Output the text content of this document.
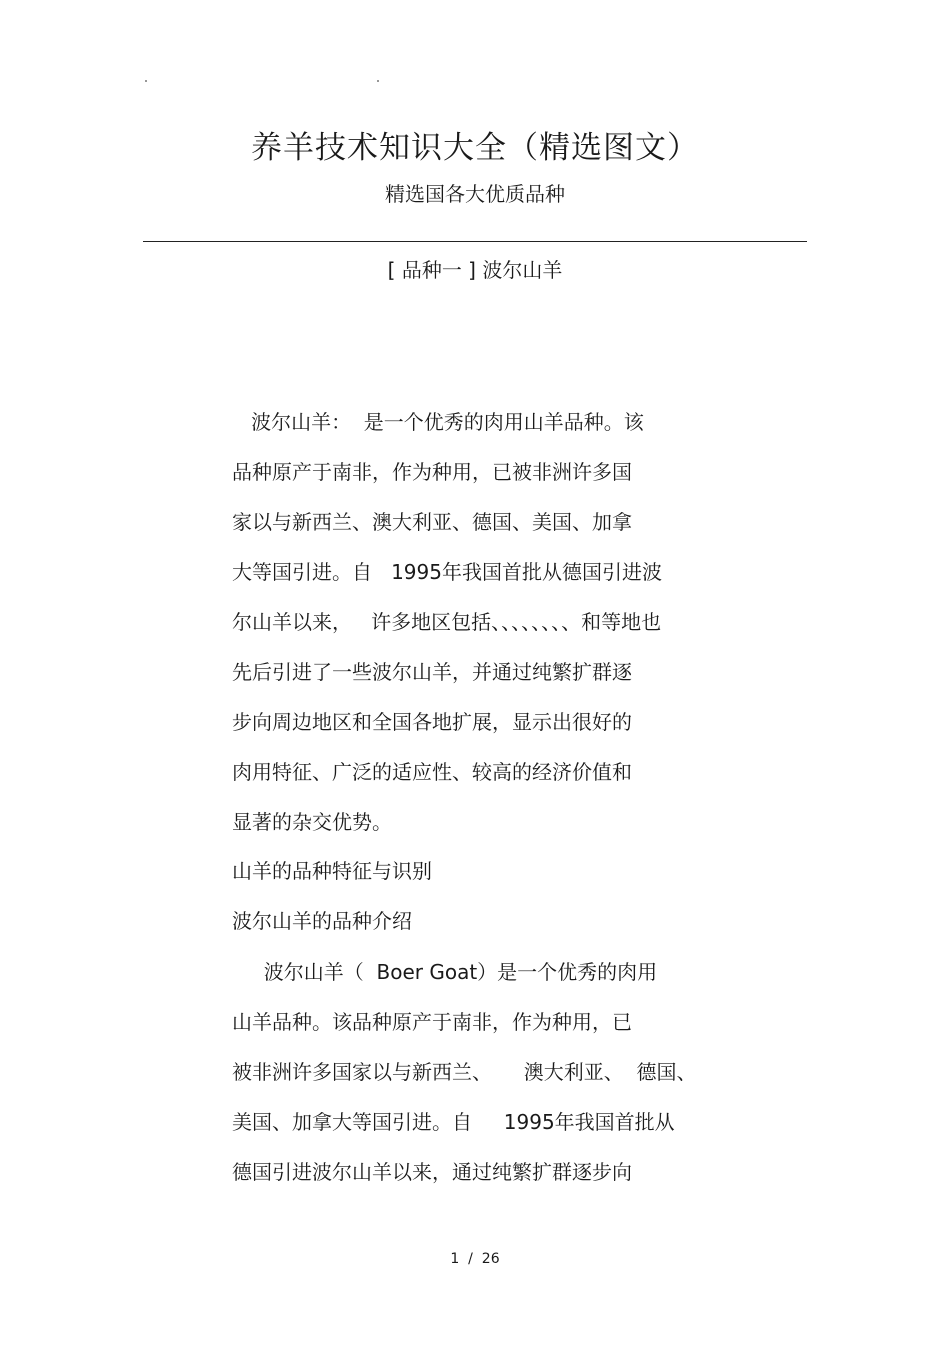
养羊技术知识大全（精选图文）
精选国各大优质品种
[ 品种一 ] 波尔山羊
波尔山羊：  是一个优秀的肉用山羊品种。该
品种原产于南非，作为种用，已被非洲许多国
家以与新西兰、澳大利亚、德国、美国、加拿
大等国引进。自   1995年我国首批从德国引进波
尔山羊以来，   许多地区包括、、、、、、、、和等地也
先后引进了一些波尔山羊，并通过纯繁扩群逐
步向周边地区和全国各地扩展，显示出很好的
肉用特征、广泛的适应性、较高的经济价值和
显著的杂交优势。
山羊的品种特征与识别
波尔山羊的品种介绍
波尔山羊（  Boer Goat）是一个优秀的肉用
山羊品种。该品种原产于南非，作为种用，已
被非洲许多国家以与新西兰、     澳大利亚、  德国、
美国、加拿大等国引进。自     1995年我国首批从
德国引进波尔山羊以来，通过纯繁扩群逐步向
1  /  26
